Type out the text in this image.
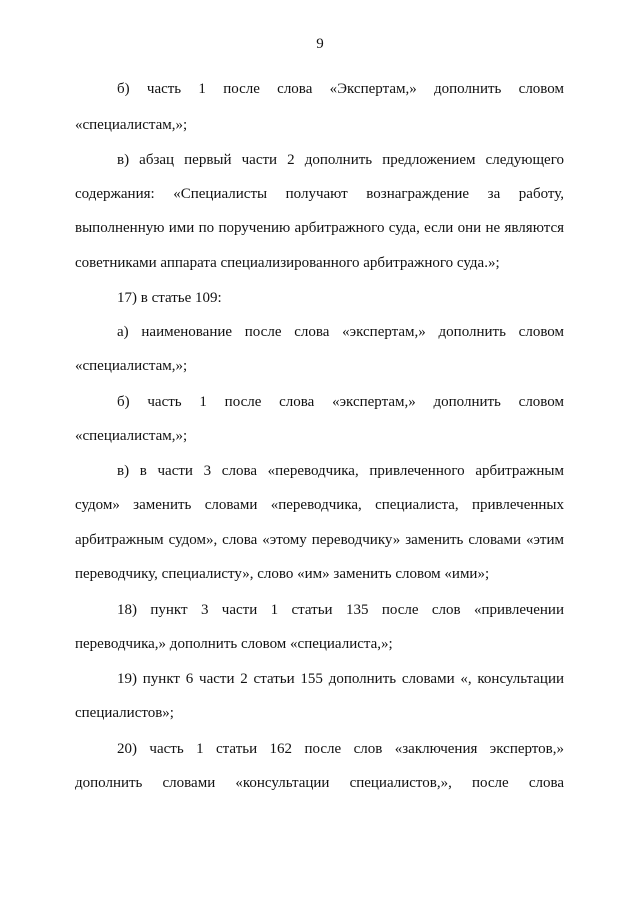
9
б) часть 1 после слова «Экспертам,» дополнить словом
«специалистам,»;
в) абзац первый части 2 дополнить предложением следующего
содержания: «Специалисты получают вознаграждение за работу,
выполненную ими по поручению арбитражного суда, если они не являются
советниками аппарата специализированного арбитражного суда.»;
17) в статье 109:
а) наименование после слова «экспертам,» дополнить словом
«специалистам,»;
б) часть 1 после слова «экспертам,» дополнить словом
«специалистам,»;
в) в части 3 слова «переводчика, привлеченного арбитражным
судом» заменить словами «переводчика, специалиста, привлеченных
арбитражным судом», слова «этому переводчику» заменить словами «этим
переводчику, специалисту», слово «им» заменить словом «ими»;
18) пункт 3 части 1 статьи 135 после слов «привлечении
переводчика,» дополнить словом «специалиста,»;
19) пункт 6 части 2 статьи 155 дополнить словами «, консультации
специалистов»;
20) часть 1 статьи 162 после слов «заключения экспертов,»
дополнить словами «консультации специалистов,», после слова
